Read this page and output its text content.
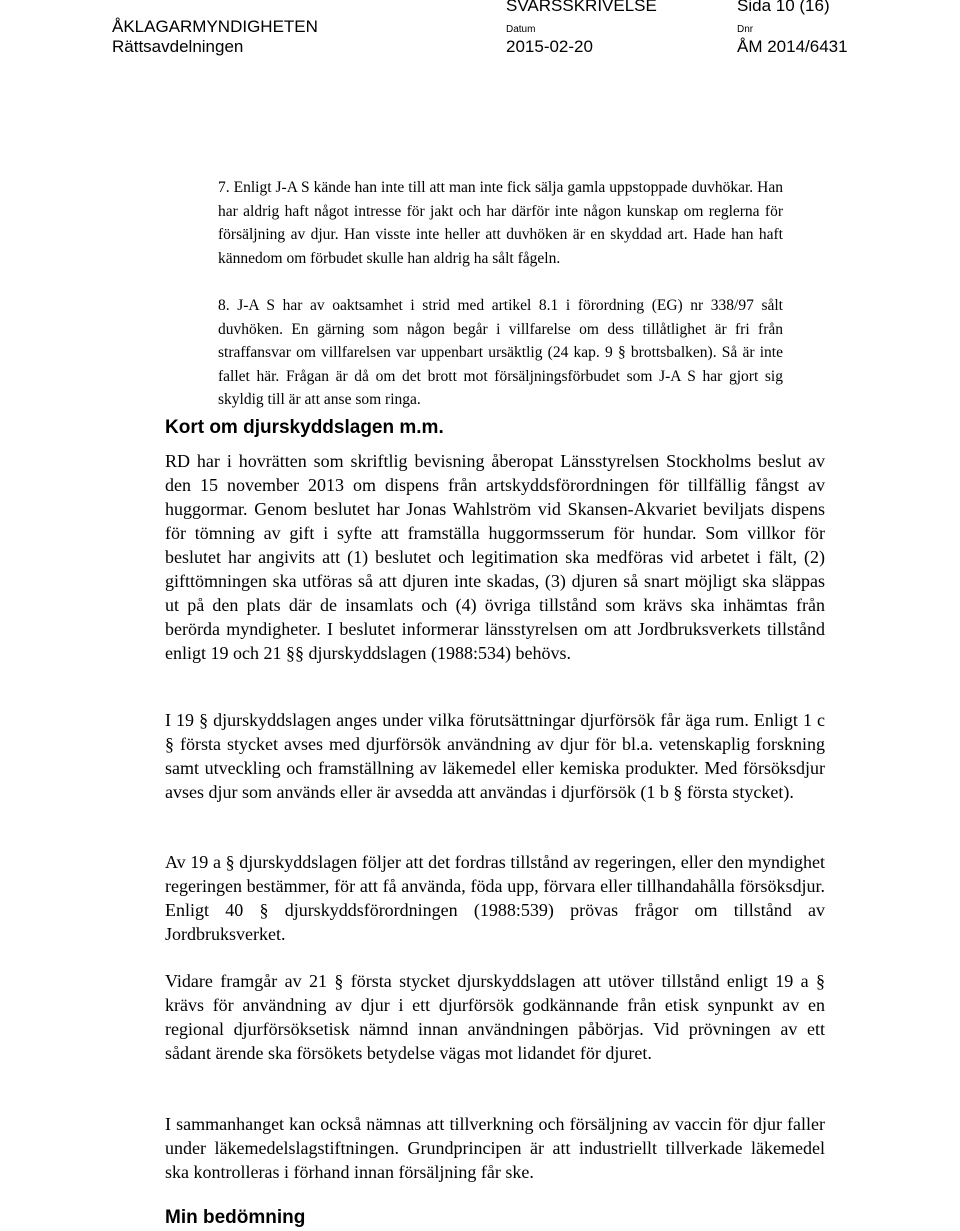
ÅKLAGARMYNDIGHETEN
Rättsavdelningen
SVARSSKRIVELSE	Sida 10 (16)
Datum
2015-02-20
Dnr
ÅM 2014/6431
7. Enligt J-A S kände han inte till att man inte fick sälja gamla uppstoppade duvhökar. Han har aldrig haft något intresse för jakt och har därför inte någon kunskap om reglerna för försäljning av djur. Han visste inte heller att duvhöken är en skyddad art. Hade han haft kännedom om förbudet skulle han aldrig ha sålt fågeln.
8. J-A S har av oaktsamhet i strid med artikel 8.1 i förordning (EG) nr 338/97 sålt duvhöken. En gärning som någon begår i villfarelse om dess tillåtlighet är fri från straffansvar om villfarelsen var uppenbart ursäktlig (24 kap. 9 § brottsbalken). Så är inte fallet här. Frågan är då om det brott mot försäljningsförbudet som J-A S har gjort sig skyldig till är att anse som ringa.
Kort om djurskyddslagen m.m.
RD har i hovrätten som skriftlig bevisning åberopat Länsstyrelsen Stockholms beslut av den 15 november 2013 om dispens från artskyddsförordningen för tillfällig fångst av huggormar. Genom beslutet har Jonas Wahlström vid Skansen-Akvariet beviljats dispens för tömning av gift i syfte att framställa huggormsserum för hundar. Som villkor för beslutet har angivits att (1) beslutet och legitimation ska medföras vid arbetet i fält, (2) gifttömningen ska utföras så att djuren inte skadas, (3) djuren så snart möjligt ska släppas ut på den plats där de insamlats och (4) övriga tillstånd som krävs ska inhämtas från berörda myndigheter. I beslutet informerar länsstyrelsen om att Jordbruksverkets tillstånd enligt 19 och 21 §§ djurskyddslagen (1988:534) behövs.
I 19 § djurskyddslagen anges under vilka förutsättningar djurförsök får äga rum. Enligt 1 c § första stycket avses med djurförsök användning av djur för bl.a. vetenskaplig forskning samt utveckling och framställning av läkemedel eller kemiska produkter. Med försöksdjur avses djur som används eller är avsedda att användas i djurförsök (1 b § första stycket).
Av 19 a § djurskyddslagen följer att det fordras tillstånd av regeringen, eller den myndighet regeringen bestämmer, för att få använda, föda upp, förvara eller tillhandahålla försöksdjur. Enligt 40 § djurskyddsförordningen (1988:539) prövas frågor om tillstånd av Jordbruksverket.
Vidare framgår av 21 § första stycket djurskyddslagen att utöver tillstånd enligt 19 a § krävs för användning av djur i ett djurförsök godkännande från etisk synpunkt av en regional djurförsöksetisk nämnd innan användningen påbörjas. Vid prövningen av ett sådant ärende ska försökets betydelse vägas mot lidandet för djuret.
I sammanhanget kan också nämnas att tillverkning och försäljning av vaccin för djur faller under läkemedelslagstiftningen. Grundprincipen är att industriellt tillverkade läkemedel ska kontrolleras i förhand innan försäljning får ske.
Min bedömning
